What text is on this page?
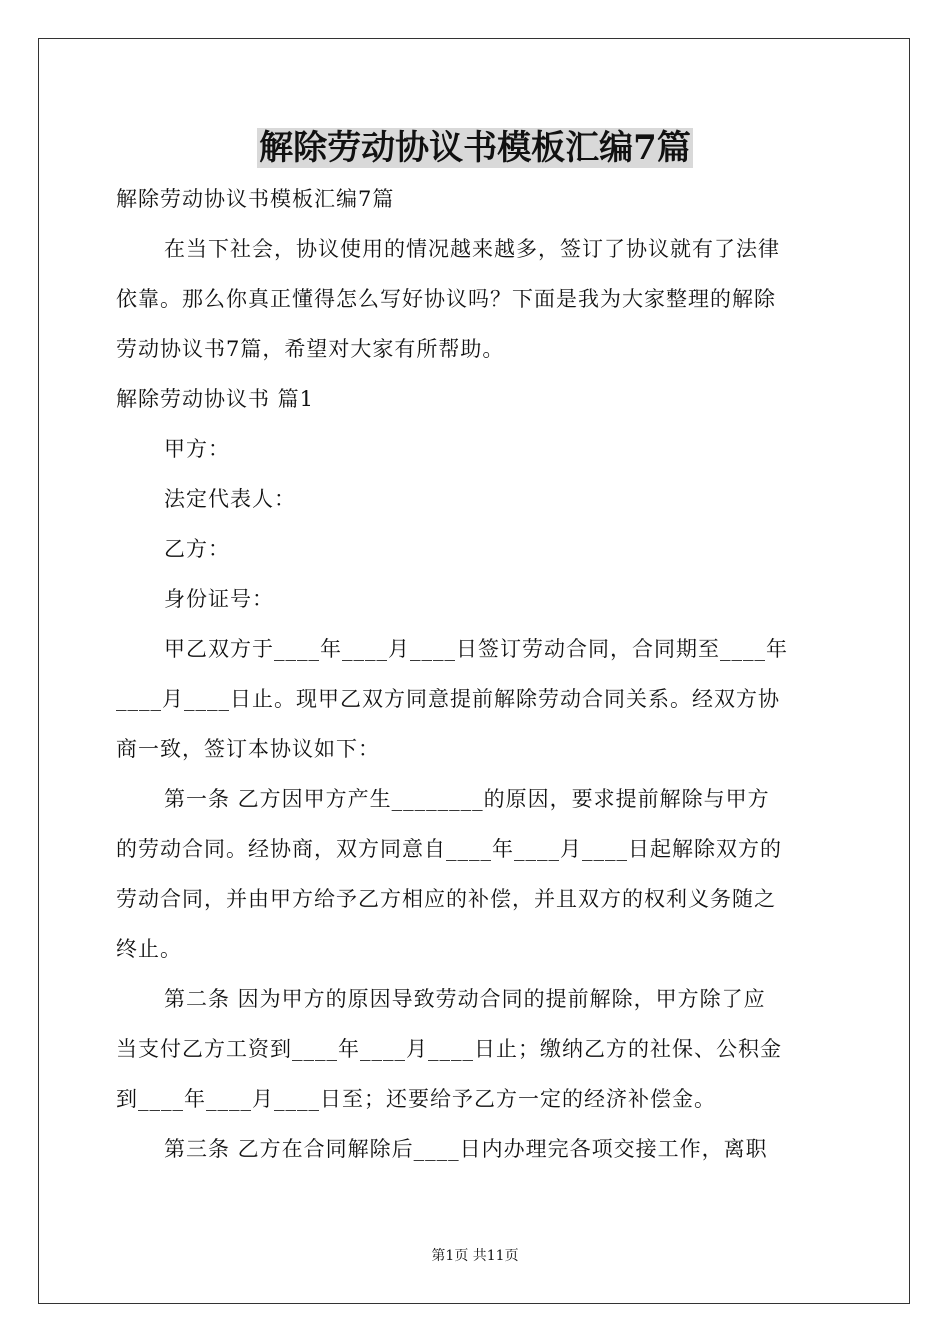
解除劳动协议书模板汇编7篇
解除劳动协议书模板汇编7篇
在当下社会，协议使用的情况越来越多，签订了协议就有了法律
依靠。那么你真正懂得怎么写好协议吗？下面是我为大家整理的解除
劳动协议书7篇，希望对大家有所帮助。
解除劳动协议书 篇1
甲方：
法定代表人：
乙方：
身份证号：
甲乙双方于____年____月____日签订劳动合同，合同期至____年
____月____日止。现甲乙双方同意提前解除劳动合同关系。经双方协
商一致，签订本协议如下：
第一条 乙方因甲方产生________的原因，要求提前解除与甲方
的劳动合同。经协商，双方同意自____年____月____日起解除双方的
劳动合同，并由甲方给予乙方相应的补偿，并且双方的权利义务随之
终止。
第二条 因为甲方的原因导致劳动合同的提前解除，甲方除了应
当支付乙方工资到____年____月____日止；缴纳乙方的社保、公积金
到____年____月____日至；还要给予乙方一定的经济补偿金。
第三条 乙方在合同解除后____日内办理完各项交接工作，离职
第1页 共11页
